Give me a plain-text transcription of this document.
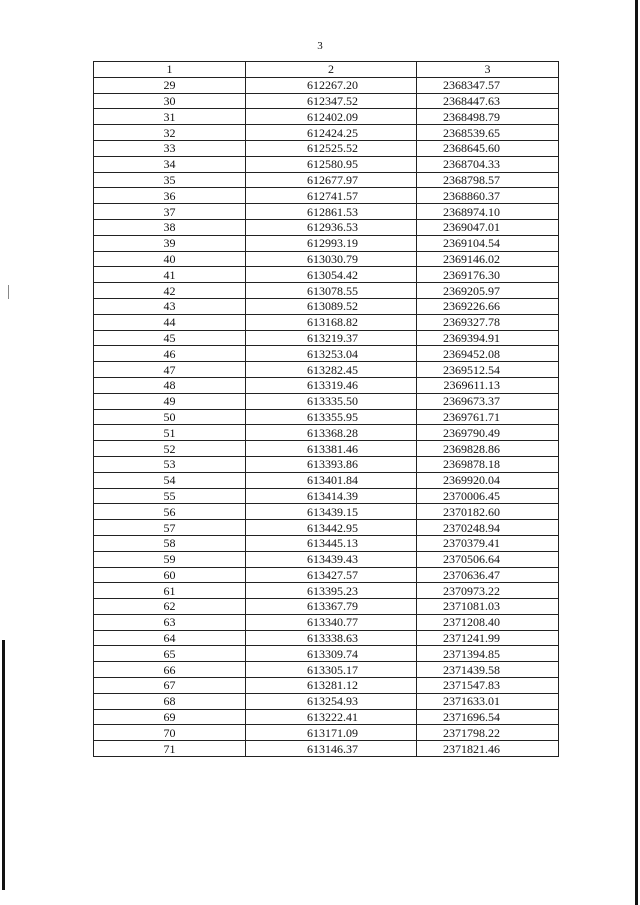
3
1	2	3
29	612267.20	2368347.57
30	612347.52	2368447.63
31	612402.09	2368498.79
32	612424.25	2368539.65
33	612525.52	2368645.60
34	612580.95	2368704.33
35	612677.97	2368798.57
36	612741.57	2368860.37
37	612861.53	2368974.10
38	612936.53	2369047.01
39	612993.19	2369104.54
40	613030.79	2369146.02
41	613054.42	2369176.30
42	613078.55	2369205.97
43	613089.52	2369226.66
44	613168.82	2369327.78
45	613219.37	2369394.91
46	613253.04	2369452.08
47	613282.45	2369512.54
48	613319.46	2369611.13
49	613335.50	2369673.37
50	613355.95	2369761.71
51	613368.28	2369790.49
52	613381.46	2369828.86
53	613393.86	2369878.18
54	613401.84	2369920.04
55	613414.39	2370006.45
56	613439.15	2370182.60
57	613442.95	2370248.94
58	613445.13	2370379.41
59	613439.43	2370506.64
60	613427.57	2370636.47
61	613395.23	2370973.22
62	613367.79	2371081.03
63	613340.77	2371208.40
64	613338.63	2371241.99
65	613309.74	2371394.85
66	613305.17	2371439.58
67	613281.12	2371547.83
68	613254.93	2371633.01
69	613222.41	2371696.54
70	613171.09	2371798.22
71	613146.37	2371821.46
